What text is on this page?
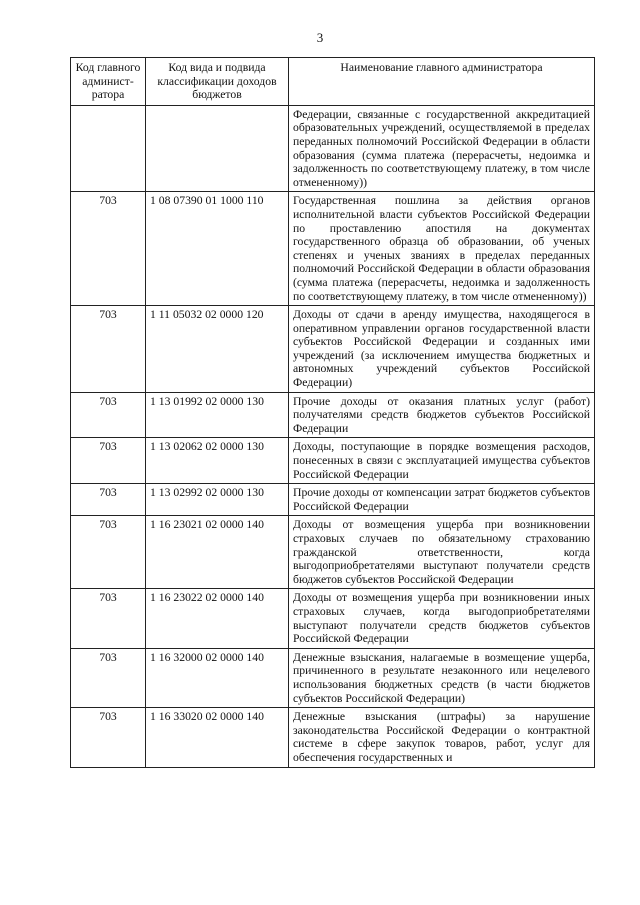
3
Код главного админист-ратора	Код вида и подвида классификации доходов бюджетов	Наименование главного администратора
		Федерации, связанные с государственной аккредитацией образовательных учреждений, осуществляемой в пределах переданных полномочий Российской Федерации в области образования (сумма платежа (перерасчеты, недоимка и задолженность по соответствующему платежу, в том числе отмененному))
703	1 08 07390 01 1000 110	Государственная пошлина за действия органов исполнительной власти субъектов Российской Федерации по проставлению апостиля на документах государственного образца об образовании, об ученых степенях и ученых званиях в пределах переданных полномочий Российской Федерации в области образования (сумма платежа (перерасчеты, недоимка и задолженность по соответствующему платежу, в том числе отмененному))
703	1 11 05032 02 0000 120	Доходы от сдачи в аренду имущества, находящегося в оперативном управлении органов государственной власти субъектов Российской Федерации и созданных ими учреждений (за исключением имущества бюджетных и автономных учреждений субъектов Российской Федерации)
703	1 13 01992 02 0000 130	Прочие доходы от оказания платных услуг (работ) получателями средств бюджетов субъектов Российской Федерации
703	1 13 02062 02 0000 130	Доходы, поступающие в порядке возмещения расходов, понесенных в связи с эксплуатацией имущества субъектов Российской Федерации
703	1 13 02992 02 0000 130	Прочие доходы от компенсации затрат бюджетов субъектов Российской Федерации
703	1 16 23021 02 0000 140	Доходы от возмещения ущерба при возникновении страховых случаев по обязательному страхованию гражданской ответственности, когда выгодоприобретателями выступают получатели средств бюджетов субъектов Российской Федерации
703	1 16 23022 02 0000 140	Доходы от возмещения ущерба при возникновении иных страховых случаев, когда выгодоприобретателями выступают получатели средств бюджетов субъектов Российской Федерации
703	1 16 32000 02 0000 140	Денежные взыскания, налагаемые в возмещение ущерба, причиненного в результате незаконного или нецелевого использования бюджетных средств (в части бюджетов субъектов Российской Федерации)
703	1 16 33020 02 0000 140	Денежные взыскания (штрафы) за нарушение законодательства Российской Федерации о контрактной системе в сфере закупок товаров, работ, услуг для обеспечения государственных и
